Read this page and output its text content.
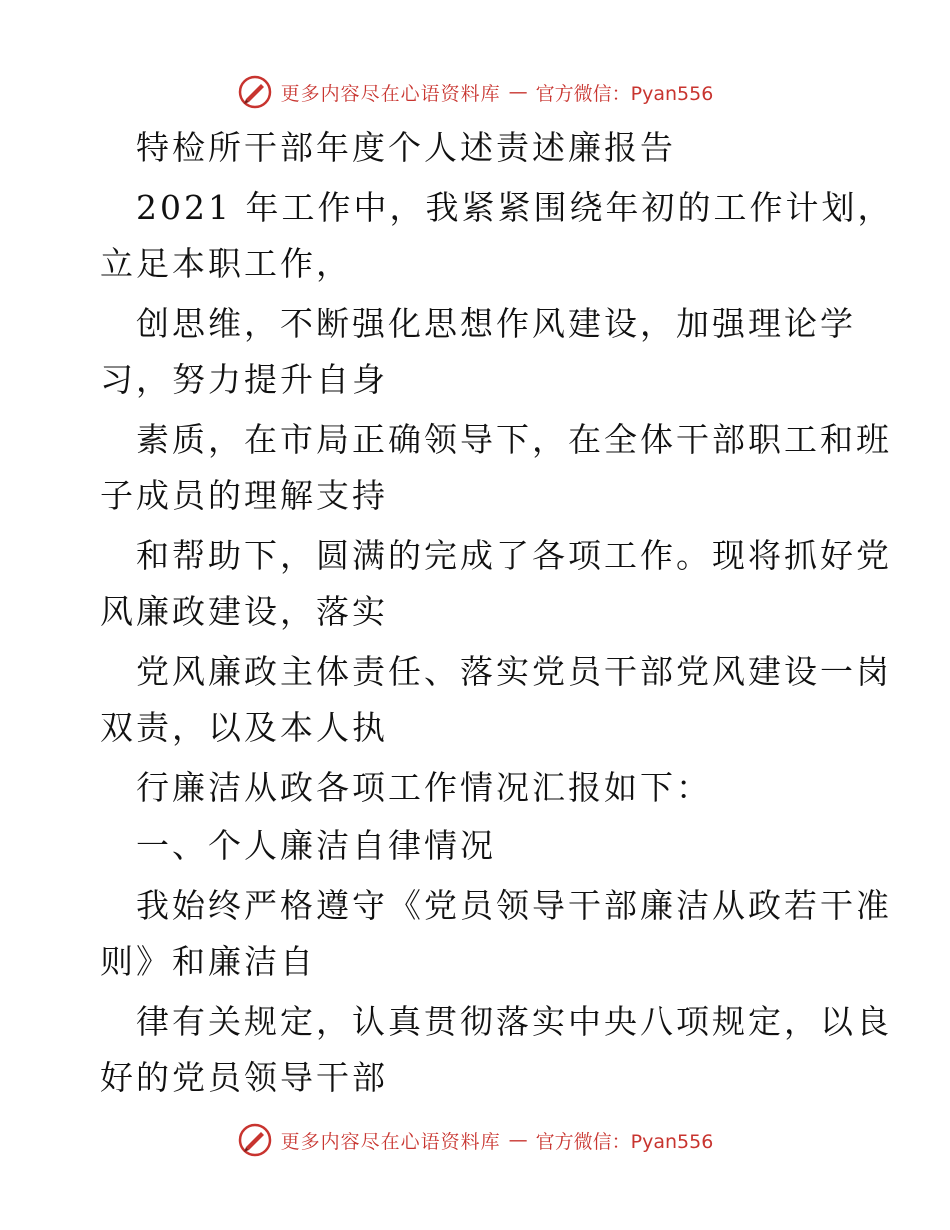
更多内容尽在心语资料库 — 官方微信：Pyan556
特检所干部年度个人述责述廉报告
2021 年工作中，我紧紧围绕年初的工作计划，
立足本职工作，
创思维，不断强化思想作风建设，加强理论学
习，努力提升自身
素质，在市局正确领导下，在全体干部职工和班
子成员的理解支持
和帮助下，圆满的完成了各项工作。现将抓好党
风廉政建设，落实
党风廉政主体责任、落实党员干部党风建设一岗
双责，以及本人执
行廉洁从政各项工作情况汇报如下：
一、个人廉洁自律情况
我始终严格遵守《党员领导干部廉洁从政若干准
则》和廉洁自
律有关规定，认真贯彻落实中央八项规定，以良
好的党员领导干部
更多内容尽在心语资料库 — 官方微信：Pyan556
